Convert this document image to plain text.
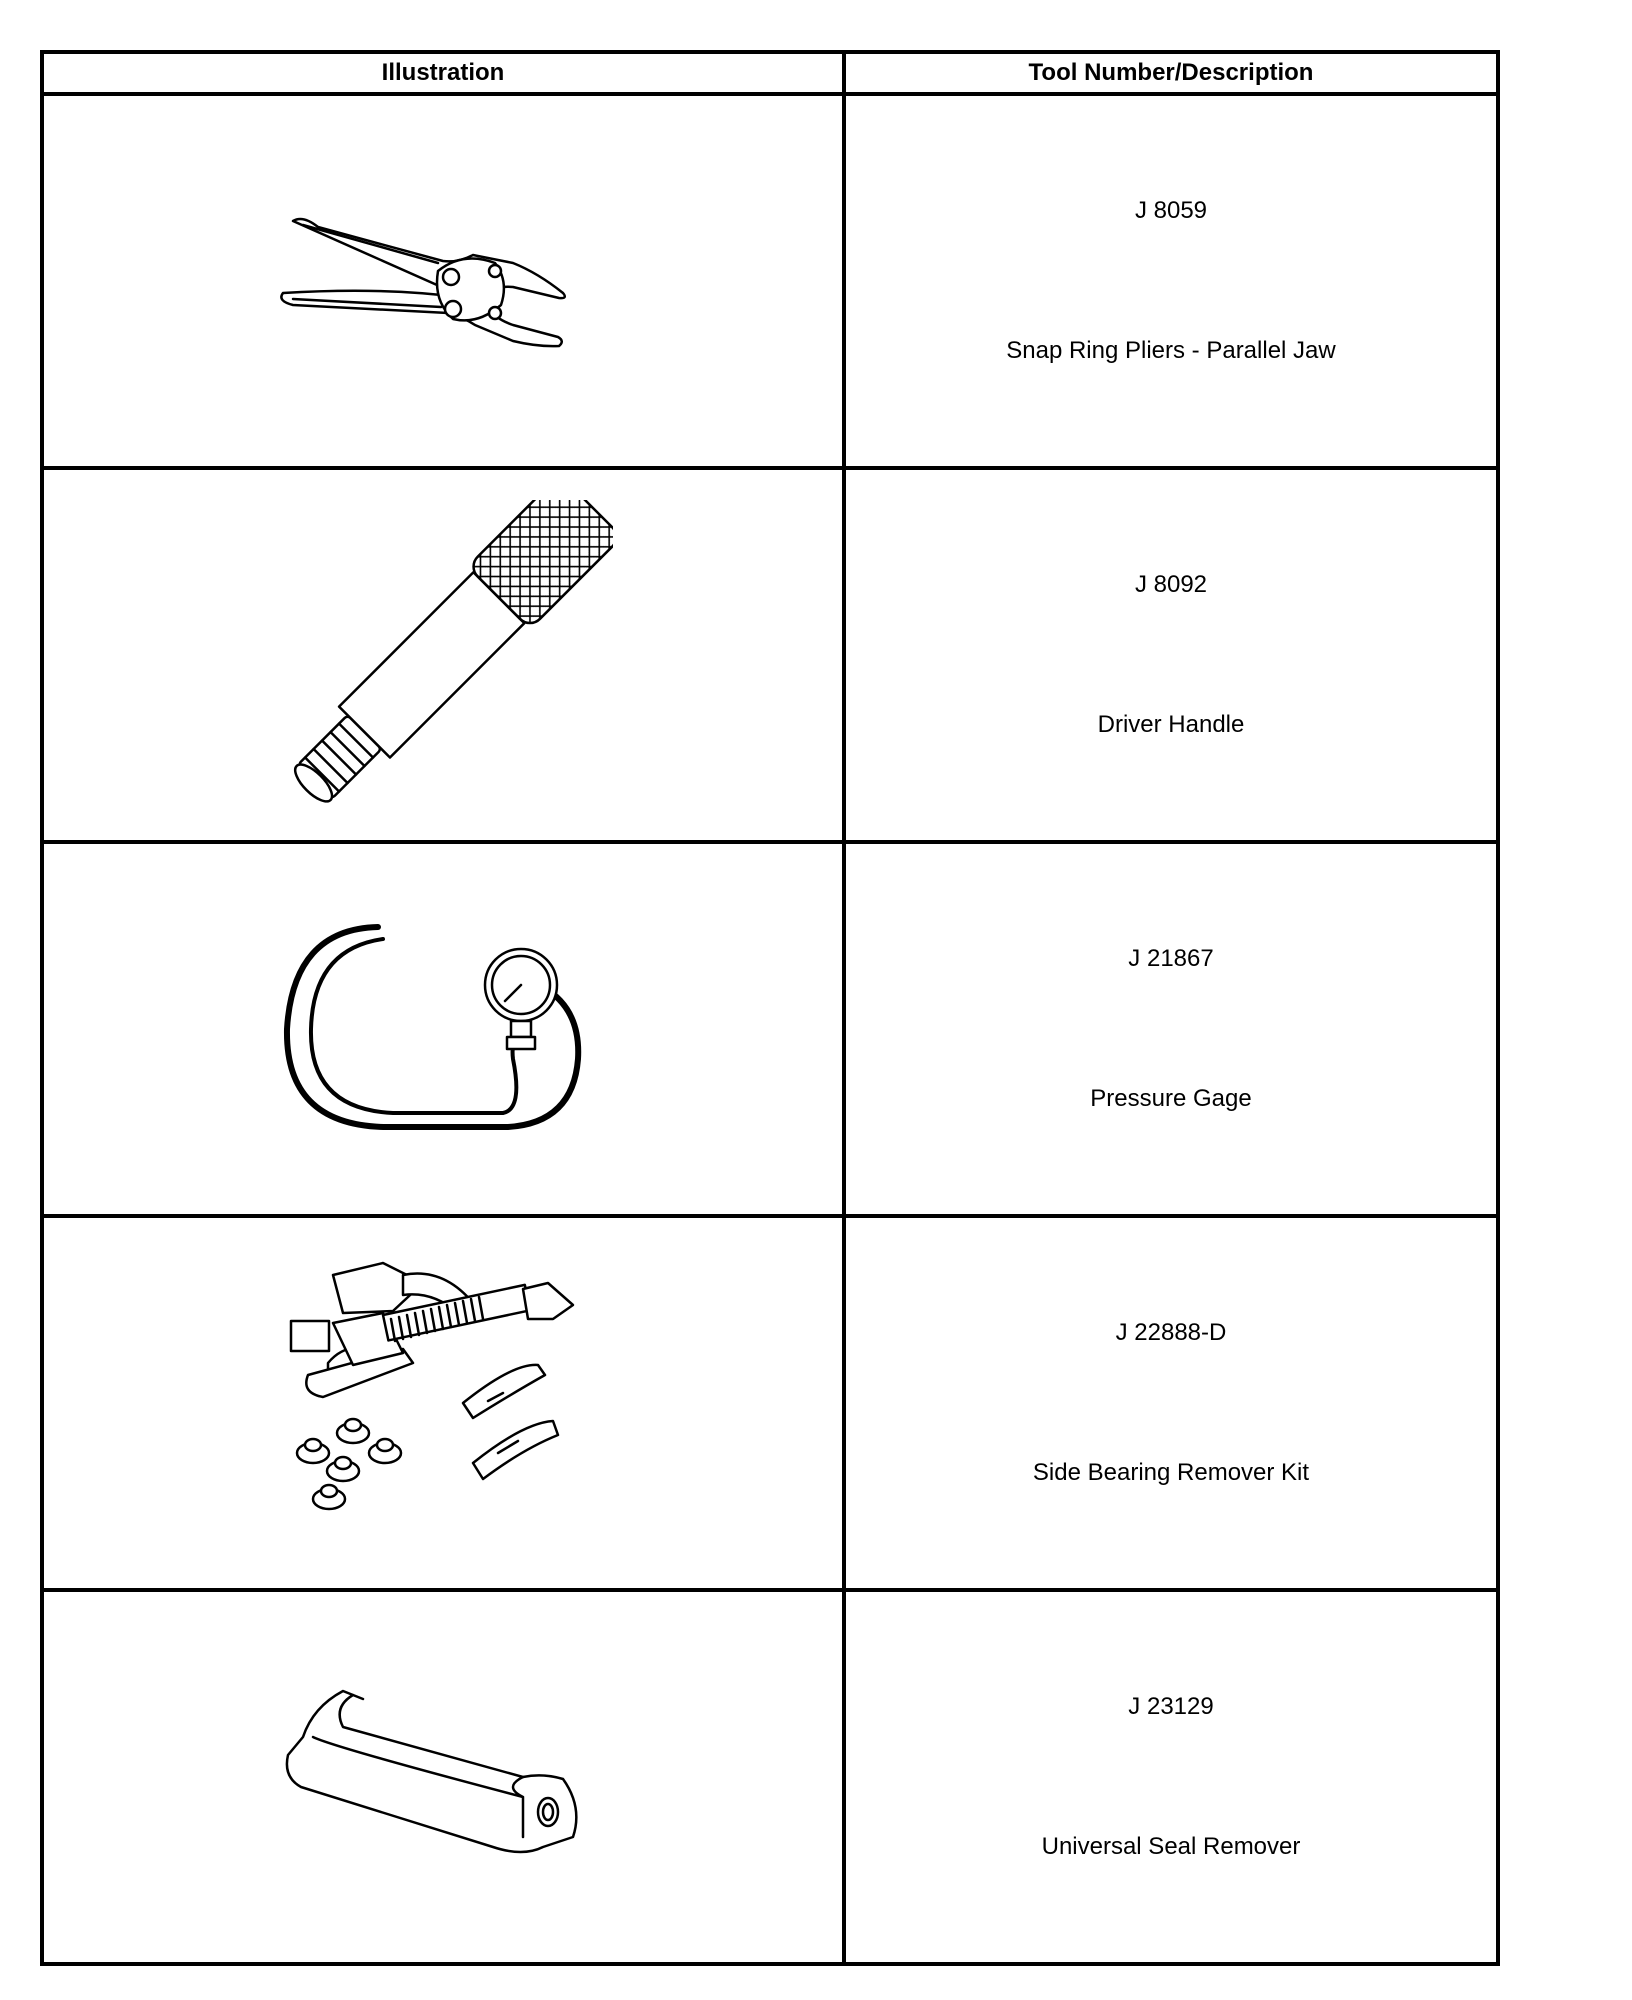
Illustration	Tool Number/Description

J 8059
Snap Ring Pliers - Parallel Jaw

J 8092
Driver Handle

J 21867
Pressure Gage

J 22888-D
Side Bearing Remover Kit

J 23129
Universal Seal Remover
